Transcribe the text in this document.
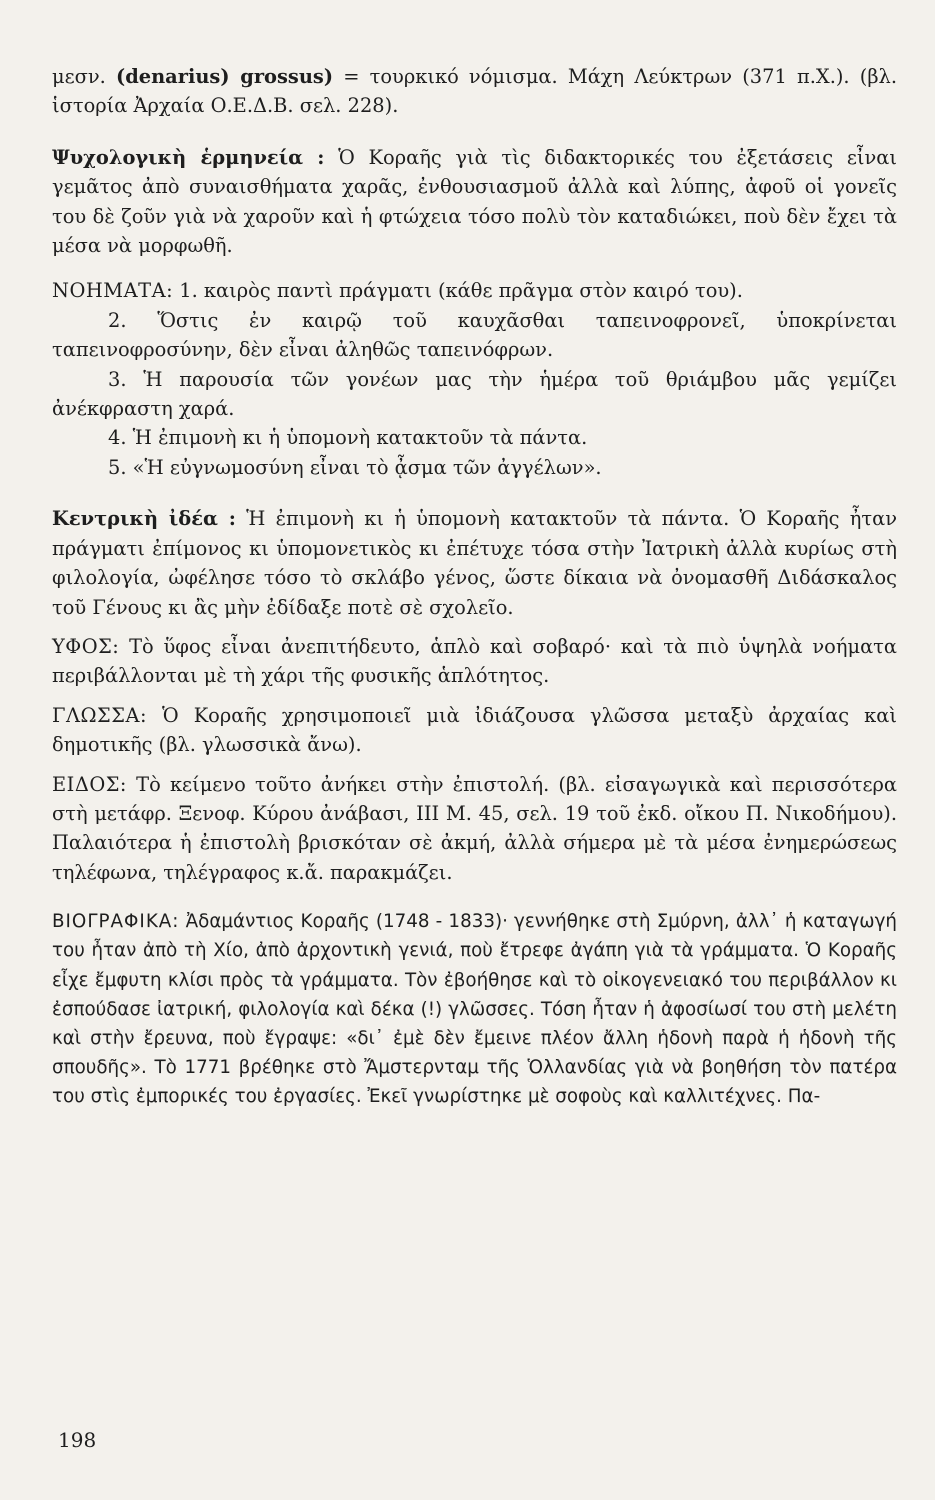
μεσν. (denarius) grossus) = τουρκικό νόμισμα. Μάχη Λεύκτρων (371 π.Χ.). (βλ. ἱστορία Ἀρχαία Ο.Ε.Δ.Β. σελ. 228).

Ψυχολογικὴ ἑρμηνεία : Ὁ Κοραῆς γιὰ τὶς διδακτορικές του ἐξετάσεις εἶναι γεμᾶτος ἀπὸ συναισθήματα χαρᾶς, ἐνθουσιασμοῦ ἀλλὰ καὶ λύπης, ἀφοῦ οἱ γονεῖς του δὲ ζοῦν γιὰ νὰ χαροῦν καὶ ἡ φτώχεια τόσο πολὺ τὸν καταδιώκει, ποὺ δὲν ἔχει τὰ μέσα νὰ μορφωθῆ.

ΝΟΗΜΑΤΑ: 1. καιρὸς παντὶ πράγματι (κάθε πρᾶγμα στὸν καιρό του).

2. Ὅστις ἐν καιρῷ τοῦ καυχᾶσθαι ταπεινοφρονεῖ, ὑποκρίνεται ταπεινοφροσύνην, δὲν εἶναι ἀληθῶς ταπεινόφρων.

3. Ἡ παρουσία τῶν γονέων μας τὴν ἡμέρα τοῦ θριάμβου μᾶς γεμίζει ἀνέκφραστη χαρά.

4. Ἡ ἐπιμονὴ κι ἡ ὑπομονὴ κατακτοῦν τὰ πάντα.

5. «Ἡ εὐγνωμοσύνη εἶναι τὸ ᾆσμα τῶν ἀγγέλων».

Κεντρικὴ ἰδέα : Ἡ ἐπιμονὴ κι ἡ ὑπομονὴ κατακτοῦν τὰ πάντα. Ὁ Κοραῆς ἦταν πράγματι ἐπίμονος κι ὑπομονετικὸς κι ἐπέτυχε τόσα στὴν Ἰατρικὴ ἀλλὰ κυρίως στὴ φιλολογία, ὠφέλησε τόσο τὸ σκλάβο γένος, ὥστε δίκαια νὰ ὀνομασθῆ Διδάσκαλος τοῦ Γένους κι ἂς μὴν ἐδίδαξε ποτὲ σὲ σχολεῖο.

ΥΦΟΣ: Τὸ ὕφος εἶναι ἀνεπιτήδευτο, ἁπλὸ καὶ σοβαρό· καὶ τὰ πιὸ ὑψηλὰ νοήματα περιβάλλονται μὲ τὴ χάρι τῆς φυσικῆς ἁπλότητος.

ΓΛΩΣΣΑ: Ὁ Κοραῆς χρησιμοποιεῖ μιὰ ἰδιάζουσα γλῶσσα μεταξὺ ἀρχαίας καὶ δημοτικῆς (βλ. γλωσσικὰ ἄνω).

ΕΙΔΟΣ: Τὸ κείμενο τοῦτο ἀνήκει στὴν ἐπιστολή. (βλ. εἰσαγωγικὰ καὶ περισσότερα στὴ μετάφρ. Ξενοφ. Κύρου ἀνάβασι, ΙΙΙ Μ. 45, σελ. 19 τοῦ ἐκδ. οἴκου Π. Νικοδήμου). Παλαιότερα ἡ ἐπιστολὴ βρισκόταν σὲ ἀκμή, ἀλλὰ σήμερα μὲ τὰ μέσα ἐνημερώσεως τηλέφωνα, τηλέγραφος κ.ἄ. παρακμάζει.

ΒΙΟΓΡΑΦΙΚΑ: Ἀδαμάντιος Κοραῆς (1748 - 1833)· γεννήθηκε στὴ Σμύρνη, ἀλλ᾽ ἡ καταγωγή του ἦταν ἀπὸ τὴ Χίο, ἀπὸ ἀρχοντικὴ γενιά, ποὺ ἔτρεφε ἀγάπη γιὰ τὰ γράμματα. Ὁ Κοραῆς εἶχε ἔμφυτη κλίσι πρὸς τὰ γράμματα. Τὸν ἐβοήθησε καὶ τὸ οἰκογενειακό του περιβάλλον κι ἐσπούδασε ἰατρική, φιλολογία καὶ δέκα (!) γλῶσσες. Τόση ἦταν ἡ ἀφοσίωσί του στὴ μελέτη καὶ στὴν ἔρευνα, ποὺ ἔγραψε: «δι᾽ ἐμὲ δὲν ἔμεινε πλέον ἄλλη ἡδονὴ παρὰ ἡ ἡδονὴ τῆς σπουδῆς». Τὸ 1771 βρέθηκε στὸ Ἄμστερνταμ τῆς Ὁλλανδίας γιὰ νὰ βοηθήση τὸν πατέρα του στὶς ἐμπορικές του ἐργασίες. Ἐκεῖ γνωρίστηκε μὲ σοφοὺς καὶ καλλιτέχνες. Πα-

198
